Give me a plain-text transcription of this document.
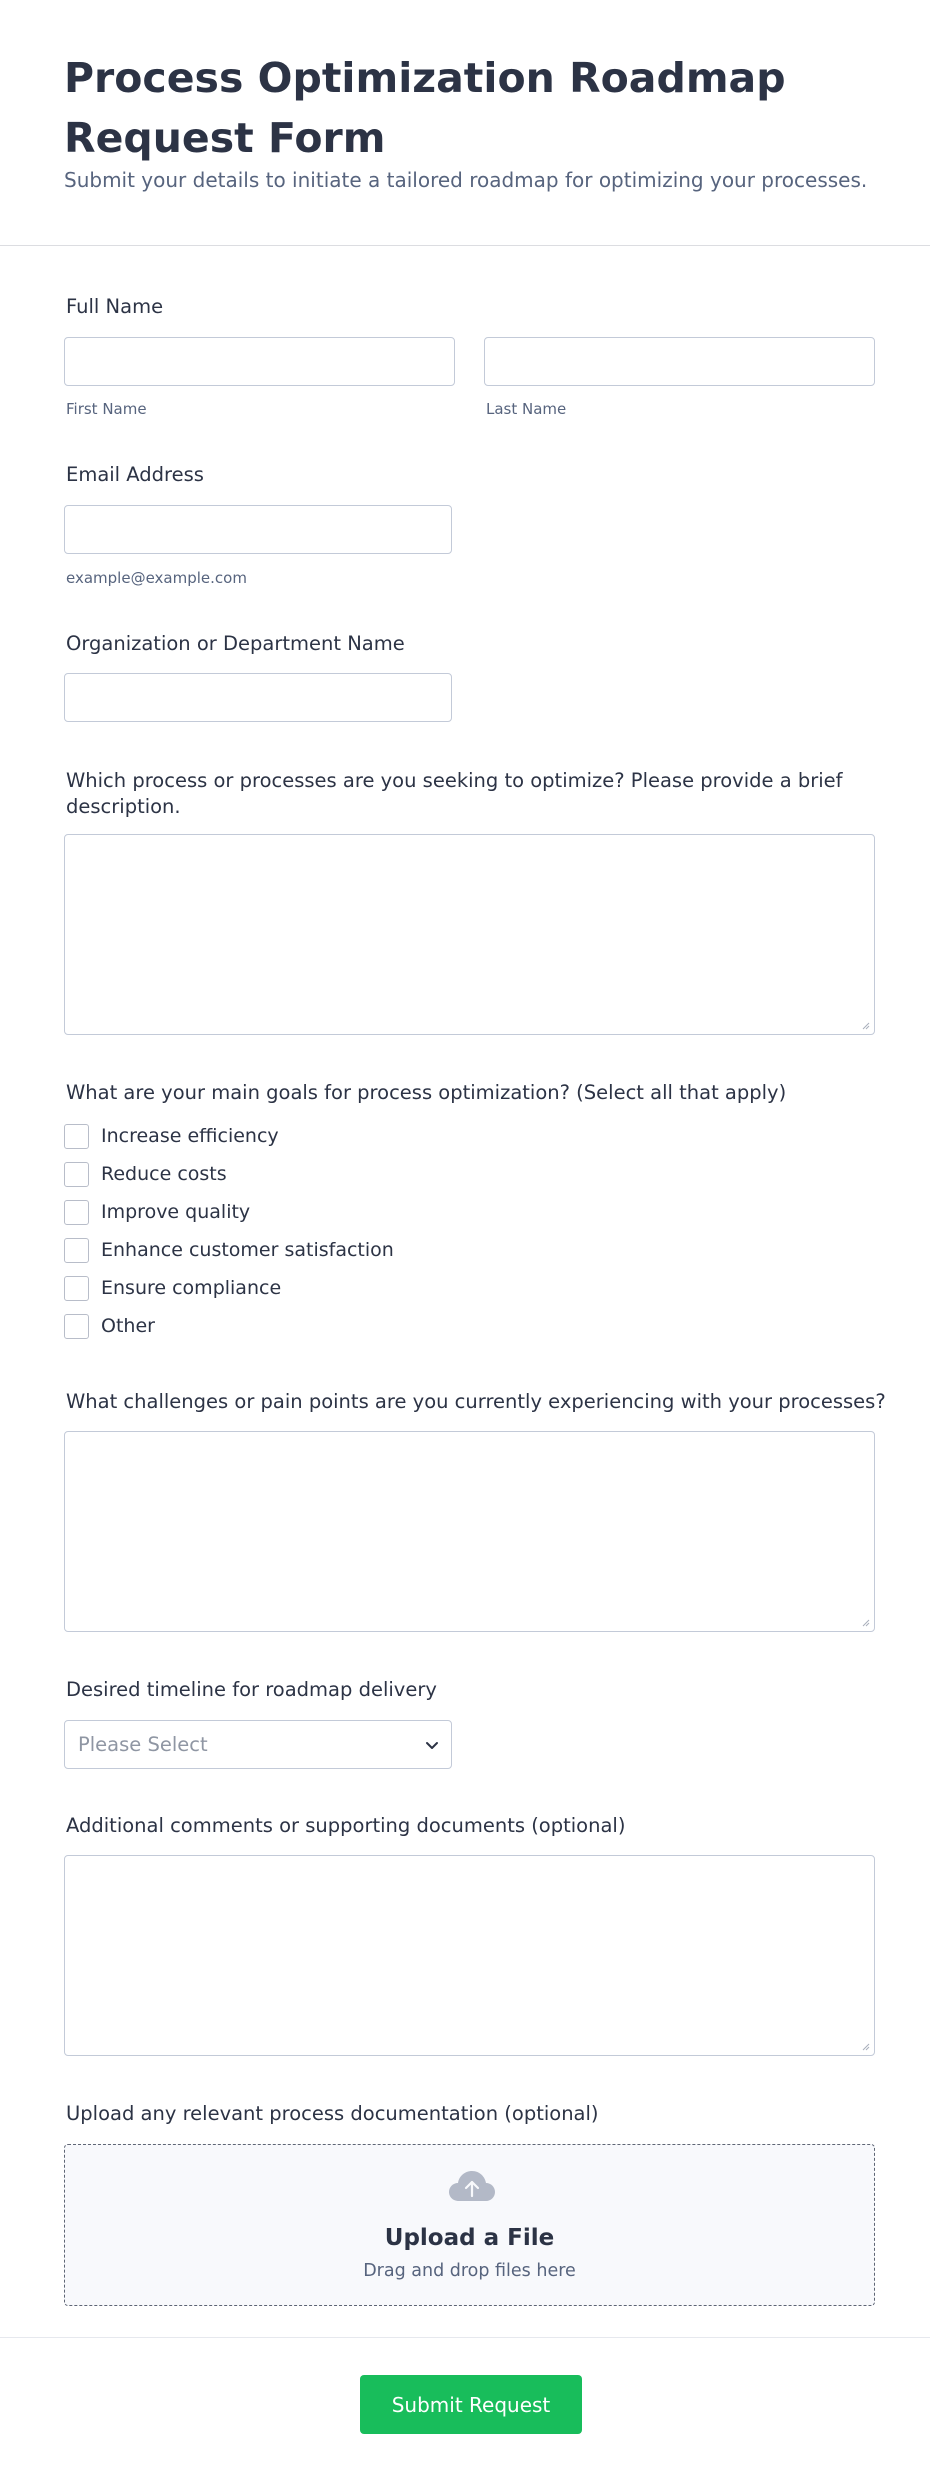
Process Optimization Roadmap Request Form
Submit your details to initiate a tailored roadmap for optimizing your processes.
Full Name
First Name	Last Name
Email Address
example@example.com
Organization or Department Name
Which process or processes are you seeking to optimize? Please provide a brief description.
What are your main goals for process optimization? (Select all that apply)
Increase efficiency
Reduce costs
Improve quality
Enhance customer satisfaction
Ensure compliance
Other
What challenges or pain points are you currently experiencing with your processes?
Desired timeline for roadmap delivery
Please Select
Additional comments or supporting documents (optional)
Upload any relevant process documentation (optional)
Upload a File
Drag and drop files here
Submit Request
